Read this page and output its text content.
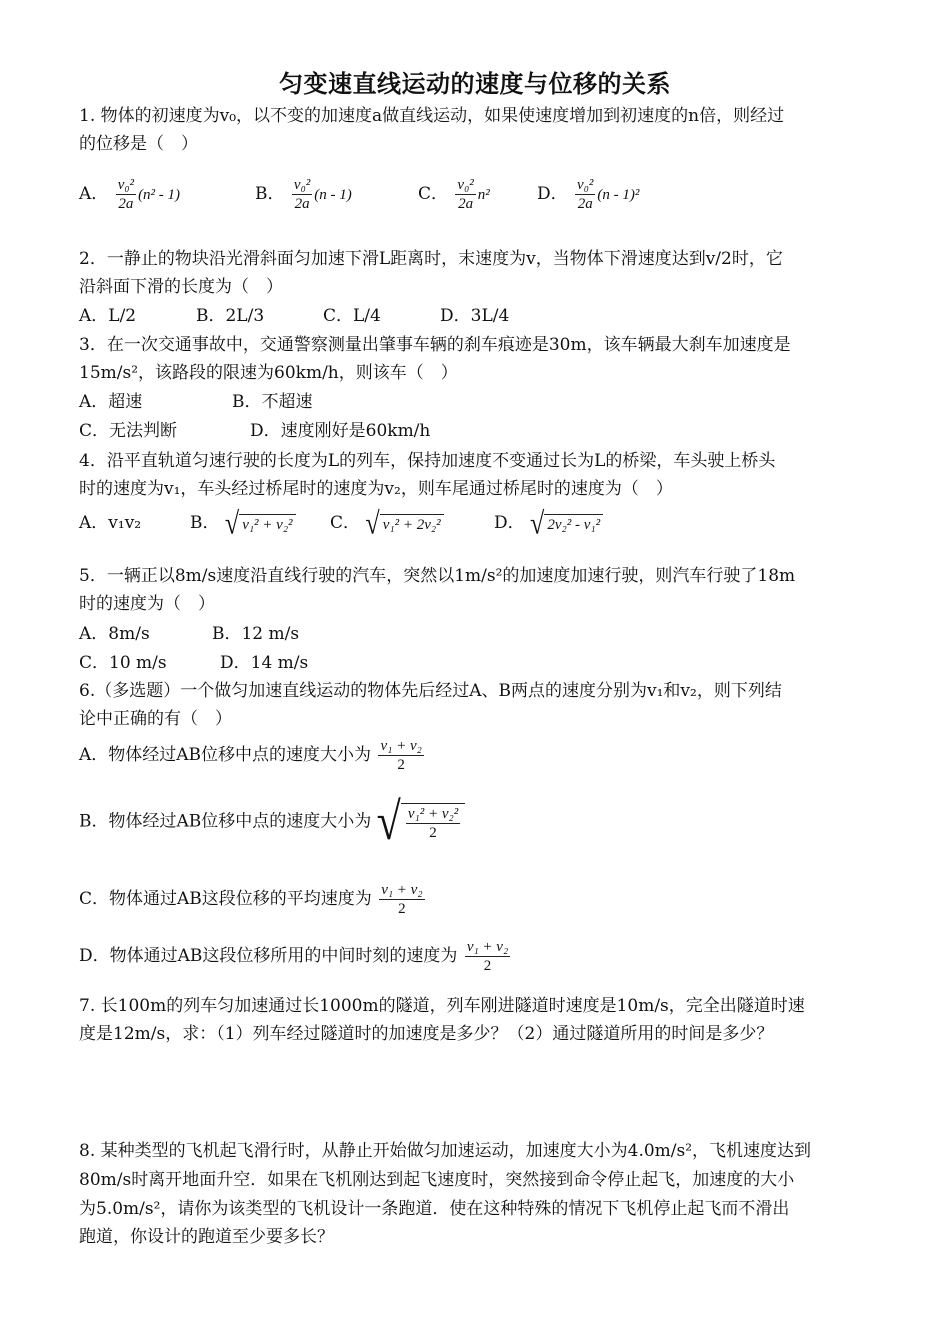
匀变速直线运动的速度与位移的关系
1. 物体的初速度为v₀，以不变的加速度a做直线运动，如果使速度增加到初速度的n倍，则经过
的位移是（　）
A． $\frac{\text{v₀²}}{2a} (n^2 - 1)$	B． $\frac{\text{v₀²}}{2a} (n - 1)$	C． $\frac{\text{v₀²}}{2a} n^2$	D． $\frac{\text{v₀²}}{2a} (n - 1)^2$
2．一静止的物块沿光滑斜面匀加速下滑L距离时，末速度为v，当物体下滑速度达到v/2时，它
沿斜面下滑的长度为（　）
A．L/2	B．2L/3	C．L/4	D．3L/4
3．在一次交通事故中，交通警察测量出肇事车辆的刹车痕迹是30m，该车辆最大刹车加速度是
15m/s²，该路段的限速为60km/h，则该车（　）
A．超速	B．不超速
C．无法判断	D．速度刚好是60km/h
4．沿平直轨道匀速行驶的长度为L的列车，保持加速度不变通过长为L的桥梁，车头驶上桥头
时的速度为v₁，车头经过桥尾时的速度为v₂，则车尾通过桥尾时的速度为（　）
A．v₁v₂	B． √ v₁² + v₂² C． √ v₁² + 2v₂²	D． √ 2v₂² - v₁²
5．一辆正以8m/s速度沿直线行驶的汽车，突然以1m/s²的加速度加速行驶，则汽车行驶了18m
时的速度为（　）
A．8m/s	B．12 m/s
C．10 m/s	D．14 m/s
6.（多选题）一个做匀加速直线运动的物体先后经过A、B两点的速度分别为v₁和v₂，则下列结
论中正确的有（　）
A．物体经过AB位移中点的速度大小为 $\frac{\text{v₁ + v₂}}{2}$
B．物体经过AB位移中点的速度大小为 √ $\frac{\text{v₁² + v₂²}}{2}$
C．物体通过AB这段位移的平均速度为 $\frac{\text{v₁ + v₂}}{2}$
D．物体通过AB这段位移所用的中间时刻的速度为 $\frac{\text{v₁ + v₂}}{2}$
7. 长100m的列车匀加速通过长1000m的隧道，列车刚进隧道时速度是10m/s，完全出隧道时速
度是12m/s，求：（1）列车经过隧道时的加速度是多少？（2）通过隧道所用的时间是多少？
8. 某种类型的飞机起飞滑行时，从静止开始做匀加速运动，加速度大小为4.0m/s²，飞机速度达到
80m/s时离开地面升空．如果在飞机刚达到起飞速度时，突然接到命令停止起飞，加速度的大小
为5.0m/s²，请你为该类型的飞机设计一条跑道．使在这种特殊的情况下飞机停止起飞而不滑出
跑道，你设计的跑道至少要多长？
